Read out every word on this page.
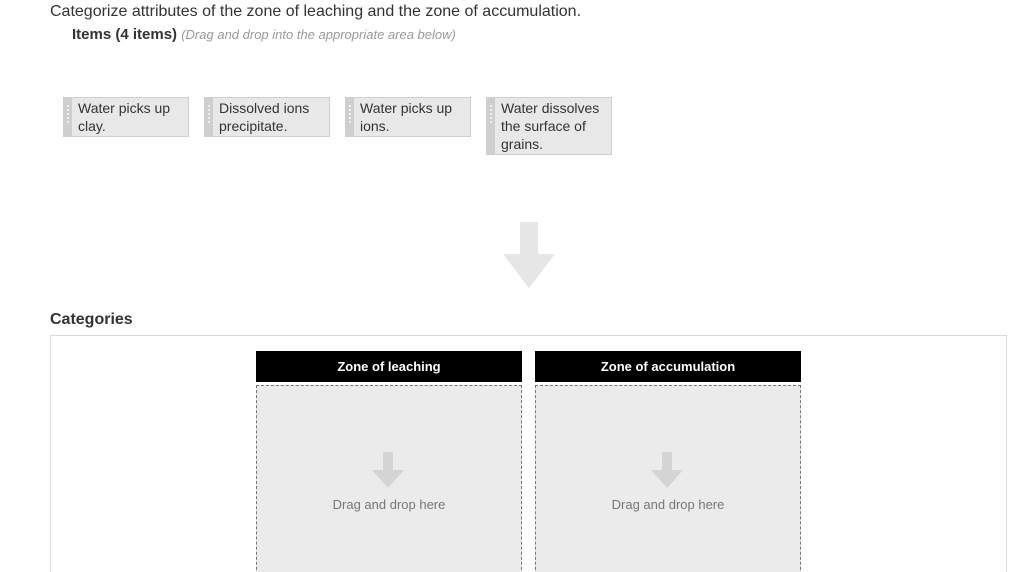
Categorize attributes of the zone of leaching and the zone of accumulation.
Items (4 items) (Drag and drop into the appropriate area below)
Water picks up clay.
Dissolved ions precipitate.
Water picks up ions.
Water dissolves the surface of grains.
Categories
Zone of leaching
Drag and drop here
Zone of accumulation
Drag and drop here
